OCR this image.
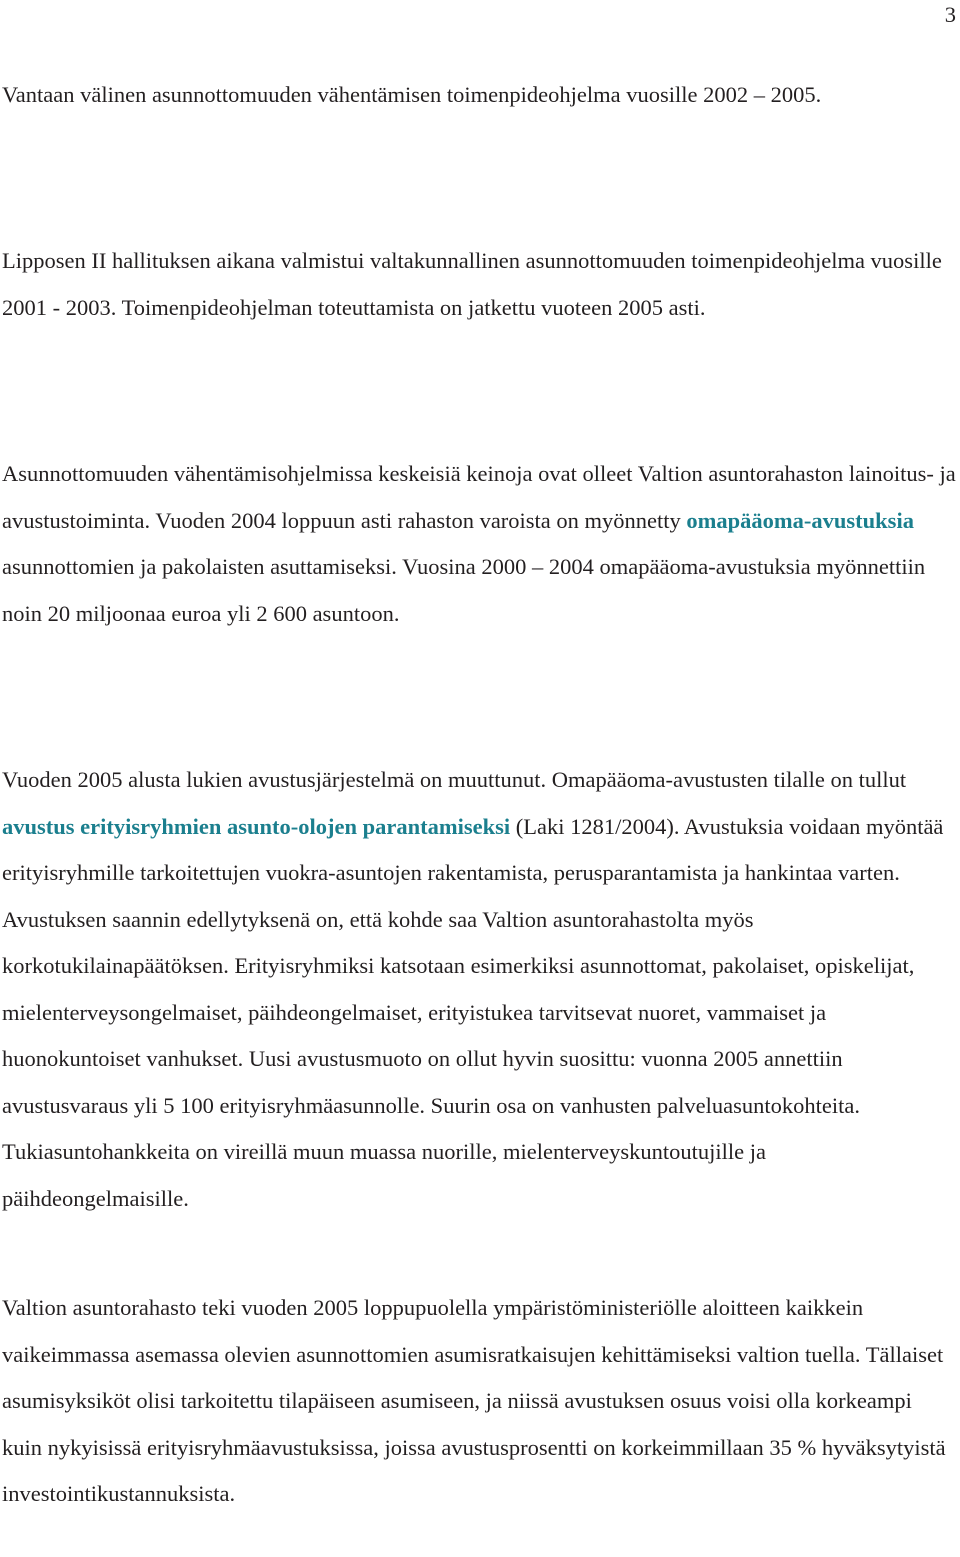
3

Vantaan välinen asunnottomuuden vähentämisen toimenpideohjelma vuosille 2002 – 2005.

Lipposen II hallituksen aikana valmistui valtakunnallinen asunnottomuuden toimenpideohjelma vuosille 2001 - 2003. Toimenpideohjelman toteuttamista on jatkettu vuoteen 2005 asti.

Asunnottomuuden vähentämisohjelmissa keskeisiä keinoja ovat olleet Valtion asuntorahaston lainoitus- ja avustustoiminta. Vuoden 2004 loppuun asti rahaston varoista on myönnetty omapääoma-avustuksia asunnottomien ja pakolaisten asuttamiseksi. Vuosina 2000 – 2004 omapääoma-avustuksia myönnettiin noin 20 miljoonaa euroa yli 2 600 asuntoon.

Vuoden 2005 alusta lukien avustusjärjestelmä on muuttunut. Omapääoma-avustusten tilalle on tullut avustus erityisryhmien asunto-olojen parantamiseksi (Laki 1281/2004). Avustuksia voidaan myöntää erityisryhmille tarkoitettujen vuokra-asuntojen rakentamista, perusparantamista ja hankintaa varten. Avustuksen saannin edellytyksenä on, että kohde saa Valtion asuntorahastolta myös korkotukilainapäätöksen. Erityisryhmiksi katsotaan esimerkiksi asunnottomat, pakolaiset, opiskelijat, mielenterveysongelmaiset, päihdeongelmaiset, erityistukea tarvitsevat nuoret, vammaiset ja huonokuntoiset vanhukset. Uusi avustusmuoto on ollut hyvin suosittu: vuonna 2005 annettiin avustusvaraus yli 5 100 erityisryhmäasunnolle. Suurin osa on vanhusten palveluasuntokohteita. Tukiasuntohankkeita on vireillä muun muassa nuorille, mielenterveyskuntoutujille ja päihdeongelmaisille.

Valtion asuntorahasto teki vuoden 2005 loppupuolella ympäristöministeriölle aloitteen kaikkein vaikeimmassa asemassa olevien asunnottomien asumisratkaisujen kehittämiseksi valtion tuella. Tällaiset asumisyksiköt olisi tarkoitettu tilapäiseen asumiseen, ja niissä avustuksen osuus voisi olla korkeampi kuin nykyisissä erityisryhmäavustuksissa, joissa avustusprosentti on korkeimmillaan 35 % hyväksytyistä investointikustannuksista.
